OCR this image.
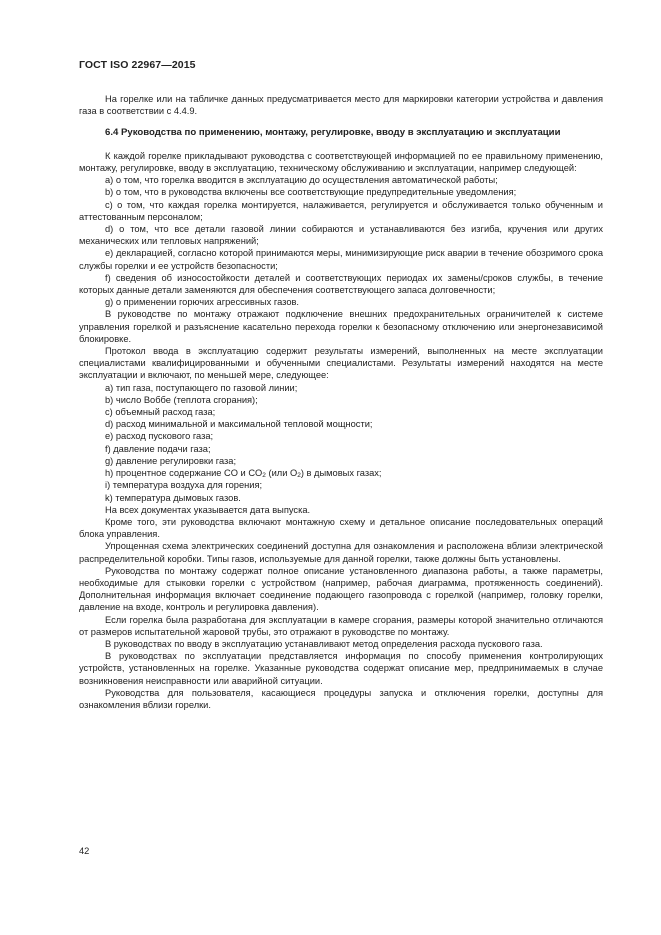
ГОСТ ISO 22967—2015

На горелке или на табличке данных предусматривается место для маркировки категории устройства и давления газа в соответствии с 4.4.9.

6.4 Руководства по применению, монтажу, регулировке, вводу в эксплуатацию и эксплуатации

К каждой горелке прикладывают руководства с соответствующей информацией по ее правильному применению, монтажу, регулировке, вводу в эксплуатацию, техническому обслуживанию и эксплуатации, например следующей:

a) о том, что горелка вводится в эксплуатацию до осуществления автоматической работы;

b) о том, что в руководства включены все соответствующие предупредительные уведомления;

c) о том, что каждая горелка монтируется, налаживается, регулируется и обслуживается только обученным и аттестованным персоналом;

d) о том, что все детали газовой линии собираются и устанавливаются без изгиба, кручения или других механических или тепловых напряжений;

e) декларацией, согласно которой принимаются меры, минимизирующие риск аварии в течение обозримого срока службы горелки и ее устройств безопасности;

f) сведения об износостойкости деталей и соответствующих периодах их замены/сроков службы, в течение которых данные детали заменяются для обеспечения соответствующего запаса долговечности;

g) о применении горючих агрессивных газов.

В руководстве по монтажу отражают подключение внешних предохранительных ограничителей к системе управления горелкой и разъяснение касательно перехода горелки к безопасному отключению или энергонезависимой блокировке.

Протокол ввода в эксплуатацию содержит результаты измерений, выполненных на месте эксплуатации специалистами квалифицированными и обученными специалистами. Результаты измерений находятся на месте эксплуатации и включают, по меньшей мере, следующее:

a) тип газа, поступающего по газовой линии;

b) число Воббе (теплота сгорания);

c) объемный расход газа;

d) расход минимальной и максимальной тепловой мощности;

e) расход пускового газа;

f) давление подачи газа;

g) давление регулировки газа;

h) процентное содержание CO и $CO_2$ (или $O_2$) в дымовых газах;

i) температура воздуха для горения;

k) температура дымовых газов.

На всех документах указывается дата выпуска.

Кроме того, эти руководства включают монтажную схему и детальное описание последовательных операций блока управления.

Упрощенная схема электрических соединений доступна для ознакомления и расположена вблизи электрической распределительной коробки. Типы газов, используемые для данной горелки, также должны быть установлены.

Руководства по монтажу содержат полное описание установленного диапазона работы, а также параметры, необходимые для стыковки горелки с устройством (например, рабочая диаграмма, протяженность соединений). Дополнительная информация включает соединение подающего газопровода с горелкой (например, головку горелки, давление на входе, контроль и регулировка давления).

Если горелка была разработана для эксплуатации в камере сгорания, размеры которой значительно отличаются от размеров испытательной жаровой трубы, это отражают в руководстве по монтажу.

В руководствах по вводу в эксплуатацию устанавливают метод определения расхода пускового газа.

В руководствах по эксплуатации представляется информация по способу применения контролирующих устройств, установленных на горелке. Указанные руководства содержат описание мер, предпринимаемых в случае возникновения неисправности или аварийной ситуации.

Руководства для пользователя, касающиеся процедуры запуска и отключения горелки, доступны для ознакомления вблизи горелки.

42
